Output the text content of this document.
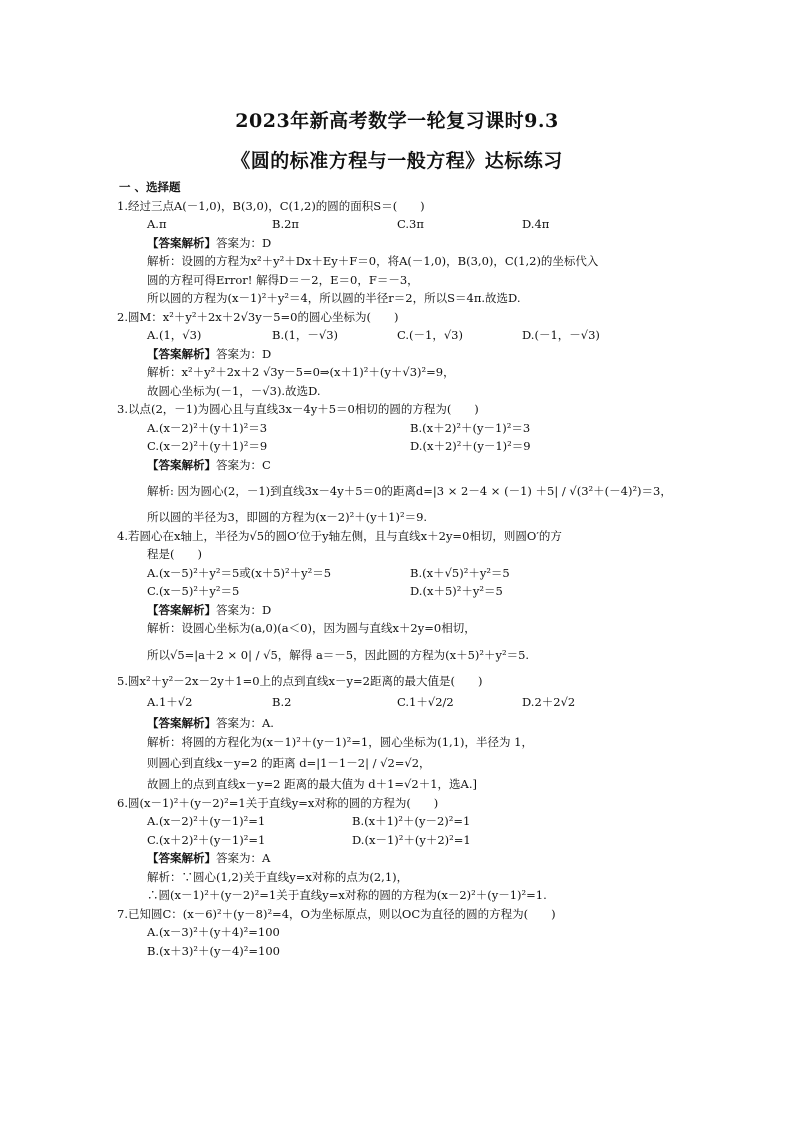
2023年新高考数学一轮复习课时9.3
《圆的标准方程与一般方程》达标练习
一 、选择题
1.经过三点A(－1,0)，B(3,0)，C(1,2)的圆的面积S＝(　　)
A.π	B.2π	C.3π	D.4π
【答案解析】答案为：D
解析：设圆的方程为x²＋y²＋Dx＋Ey＋F＝0，将A(－1,0)，B(3,0)，C(1,2)的坐标代入
圆的方程可得Error! 解得D＝－2，E＝0，F＝－3，
所以圆的方程为(x－1)²＋y²＝4，所以圆的半径r＝2，所以S＝4π.故选D.
2.圆M：x²＋y²＋2x＋2√3y－5=0的圆心坐标为(　　)
A.(1，√3)	B.(1，－√3)	C.(－1，√3)	D.(－1，－√3)
【答案解析】答案为：D
解析：x²＋y²＋2x＋2 √3y－5=0⇒(x＋1)²＋(y＋√3)²=9，
故圆心坐标为(－1，－√3).故选D.
3.以点(2，－1)为圆心且与直线3x－4y＋5＝0相切的圆的方程为(　　)
A.(x－2)²＋(y＋1)²＝3	B.(x＋2)²＋(y－1)²＝3
C.(x－2)²＋(y＋1)²＝9	D.(x＋2)²＋(y－1)²＝9
【答案解析】答案为：C
解析: 因为圆心(2，－1)到直线3x－4y＋5＝0的距离d=|3 × 2－4 × (－1) ＋5| / √(3²＋(－4)²)＝3，
所以圆的半径为3，即圆的方程为(x－2)²＋(y＋1)²＝9.
4.若圆心在x轴上，半径为√5的圆O′位于y轴左侧，且与直线x＋2y=0相切，则圆O′的方
程是(　　)
A.(x－5)²＋y²＝5或(x＋5)²＋y²＝5	B.(x＋√5)²＋y²＝5
C.(x－5)²＋y²＝5	D.(x＋5)²＋y²＝5
【答案解析】答案为：D
解析：设圆心坐标为(a,0)(a＜0)，因为圆与直线x＋2y=0相切，
所以√5=|a＋2 × 0| / √5，解得 a＝－5，因此圆的方程为(x＋5)²＋y²＝5.
5.圆x²＋y²－2x－2y＋1=0上的点到直线x－y=2距离的最大值是(　　)
A.1＋√2	B.2	C.1＋√2/2	D.2＋2√2
【答案解析】答案为：A.
解析：将圆的方程化为(x－1)²＋(y－1)²=1，圆心坐标为(1,1)，半径为 1，
则圆心到直线x－y=2 的距离 d=|1－1－2| / √2=√2，
故圆上的点到直线x－y=2 距离的最大值为 d＋1=√2＋1，选A.]
6.圆(x－1)²＋(y－2)²=1关于直线y=x对称的圆的方程为(　　)
A.(x－2)²＋(y－1)²=1	B.(x＋1)²＋(y－2)²=1
C.(x＋2)²＋(y－1)²=1	D.(x－1)²＋(y＋2)²=1
【答案解析】答案为：A
解析：∵圆心(1,2)关于直线y=x对称的点为(2,1)，
∴圆(x－1)²＋(y－2)²=1关于直线y=x对称的圆的方程为(x－2)²＋(y－1)²=1.
7.已知圆C：(x－6)²＋(y－8)²=4，O为坐标原点，则以OC为直径的圆的方程为(　　)
A.(x－3)²＋(y＋4)²=100
B.(x＋3)²＋(y－4)²=100
